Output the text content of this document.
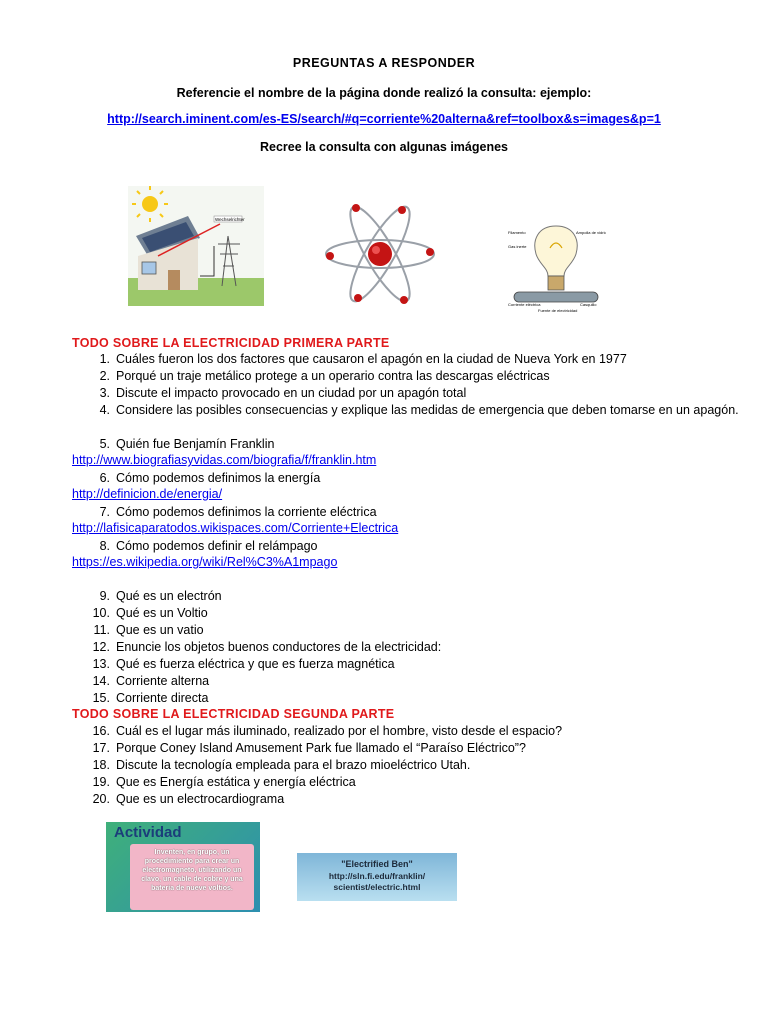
PREGUNTAS A RESPONDER
Referencie el nombre de la página donde realizó la consulta: ejemplo:
http://search.iminent.com/es-ES/search/#q=corriente%20alterna&ref=toolbox&s=images&p=1
Recree la consulta con algunas imágenes
Wechselrichter
Filamento	Ampolla de vidrio
Gas inerte
Corriente eléctrica	Casquillo
Fuente de electricidad
TODO SOBRE LA ELECTRICIDAD PRIMERA PARTE
1. Cuáles fueron los dos factores que causaron el apagón en la ciudad de Nueva York en 1977
2. Porqué un traje metálico protege a un operario contra las descargas eléctricas
3. Discute el impacto provocado en un ciudad por un apagón total
4. Considere las posibles consecuencias y explique las medidas de emergencia que deben tomarse en un apagón.
5. Quién fue Benjamín Franklin
http://www.biografiasyvidas.com/biografia/f/franklin.htm
6. Cómo podemos definimos la energía
http://definicion.de/energia/
7. Cómo podemos definimos la corriente eléctrica
http://lafisicaparatodos.wikispaces.com/Corriente+Electrica
8. Cómo podemos definir el relámpago
https://es.wikipedia.org/wiki/Rel%C3%A1mpago
9. Qué es un electrón
10. Qué es un Voltio
11. Que es un vatio
12. Enuncie los objetos buenos conductores de la electricidad:
13. Qué es fuerza eléctrica y que es fuerza magnética
14. Corriente alterna
15. Corriente directa
TODO SOBRE LA ELECTRICIDAD SEGUNDA PARTE
16. Cuál es el lugar más iluminado, realizado por el hombre, visto desde el espacio?
17. Porque Coney Island Amusement Park fue llamado el “Paraíso Eléctrico”?
18. Discute la tecnología empleada para el brazo mioeléctrico Utah.
19. Que es Energía estática y energía eléctrica
20. Que es un electrocardiograma
Actividad
Inventen, en grupo, un procedimiento para crear un electromagneto, utilizando un clavo, un cable de cobre y una batería de nueve voltios.
"Electrified Ben"
http://sln.fi.edu/franklin/ scientist/electric.html
